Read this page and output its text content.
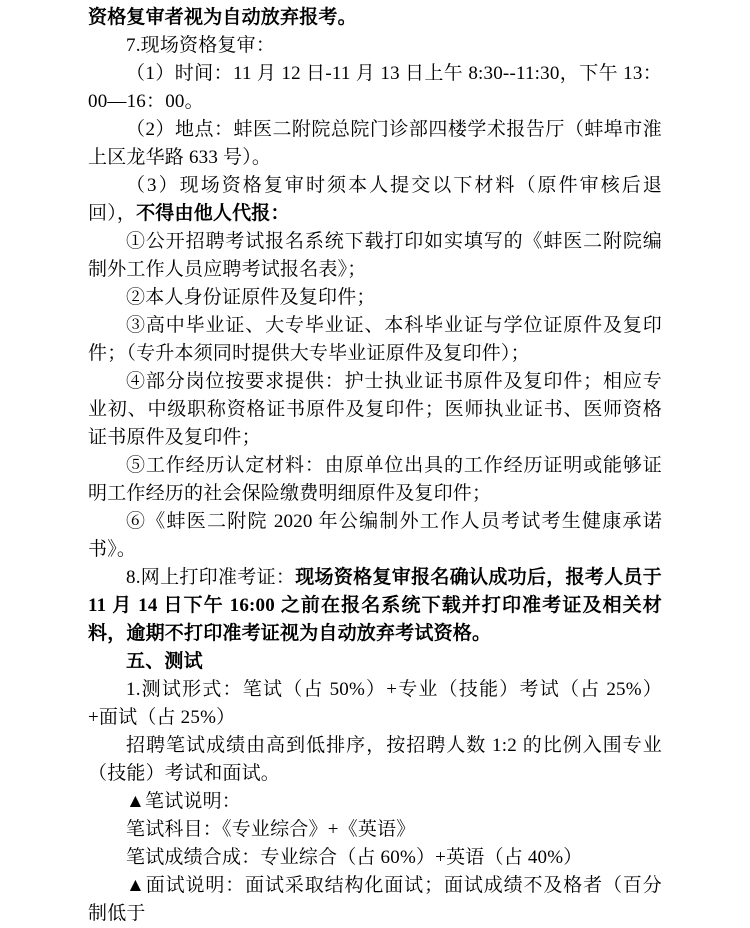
资格复审者视为自动放弃报考。

7.现场资格复审：

（1）时间：11 月 12 日-11 月 13 日上午 8:30--11:30，下午 13：00—16：00。

（2）地点：蚌医二附院总院门诊部四楼学术报告厅（蚌埠市淮上区龙华路 633 号）。

（3）现场资格复审时须本人提交以下材料（原件审核后退回），不得由他人代报：

①公开招聘考试报名系统下载打印如实填写的《蚌医二附院编制外工作人员应聘考试报名表》；

②本人身份证原件及复印件；

③高中毕业证、大专毕业证、本科毕业证与学位证原件及复印件；（专升本须同时提供大专毕业证原件及复印件）；

④部分岗位按要求提供：护士执业证书原件及复印件；相应专业初、中级职称资格证书原件及复印件；医师执业证书、医师资格证书原件及复印件；

⑤工作经历认定材料：由原单位出具的工作经历证明或能够证明工作经历的社会保险缴费明细原件及复印件；

⑥《蚌医二附院 2020 年公编制外工作人员考试考生健康承诺书》。

8.网上打印准考证：现场资格复审报名确认成功后，报考人员于 11 月 14 日下午 16:00 之前在报名系统下载并打印准考证及相关材料，逾期不打印准考证视为自动放弃考试资格。

五、测试

1.测试形式：笔试（占 50%）+专业（技能）考试（占 25%）+面试（占 25%）

招聘笔试成绩由高到低排序，按招聘人数 1:2 的比例入围专业（技能）考试和面试。

▲笔试说明：

笔试科目：《专业综合》+《英语》

笔试成绩合成：专业综合（占 60%）+英语（占 40%）

▲面试说明：面试采取结构化面试；面试成绩不及格者（百分制低于
